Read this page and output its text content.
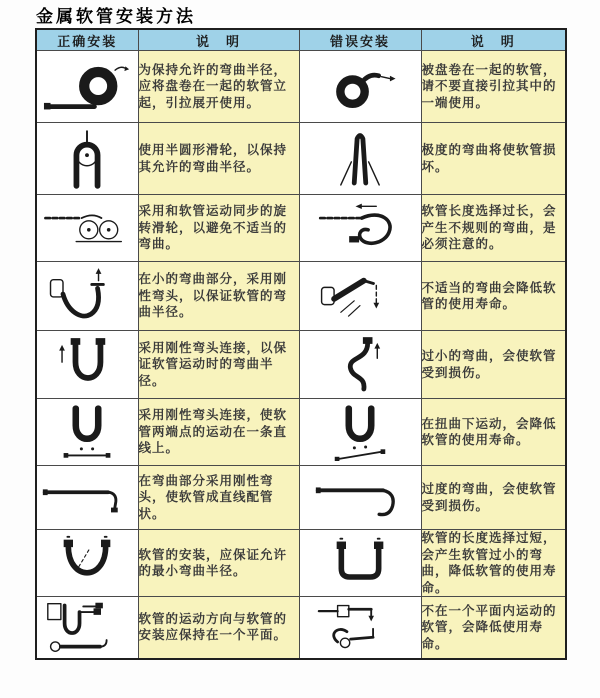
金属软管安装方法
正确安装	说　明	错误安装	说　明

	为保持允许的弯曲半径，应将盘卷在一起的软管立起，引拉展开使用。		被盘卷在一起的软管，请不要直接引拉其中的一端使用。

	使用半圆形滑轮，以保持其允许的弯曲半径。		极度的弯曲将使软管损坏。

	采用和软管运动同步的旋转滑轮，以避免不适当的弯曲。		软管长度选择过长，会产生不规则的弯曲，是必须注意的。

	在小的弯曲部分，采用刚性弯头，以保证软管的弯曲半径。		不适当的弯曲会降低软管的使用寿命。

	采用刚性弯头连接，以保证软管运动时的弯曲半径。		过小的弯曲，会使软管受到损伤。

	采用刚性弯头连接，使软管两端点的运动在一条直线上。		在扭曲下运动，会降低软管的使用寿命。

	在弯曲部分采用刚性弯头，使软管成直线配管状。		过度的弯曲，会使软管受到损伤。

	软管的安装，应保证允许的最小弯曲半径。		软管的长度选择过短，会产生软管过小的弯曲，降低软管的使用寿命。

	软管的运动方向与软管的安装应保持在一个平面。		不在一个平面内运动的软管，会降低使用寿命。
